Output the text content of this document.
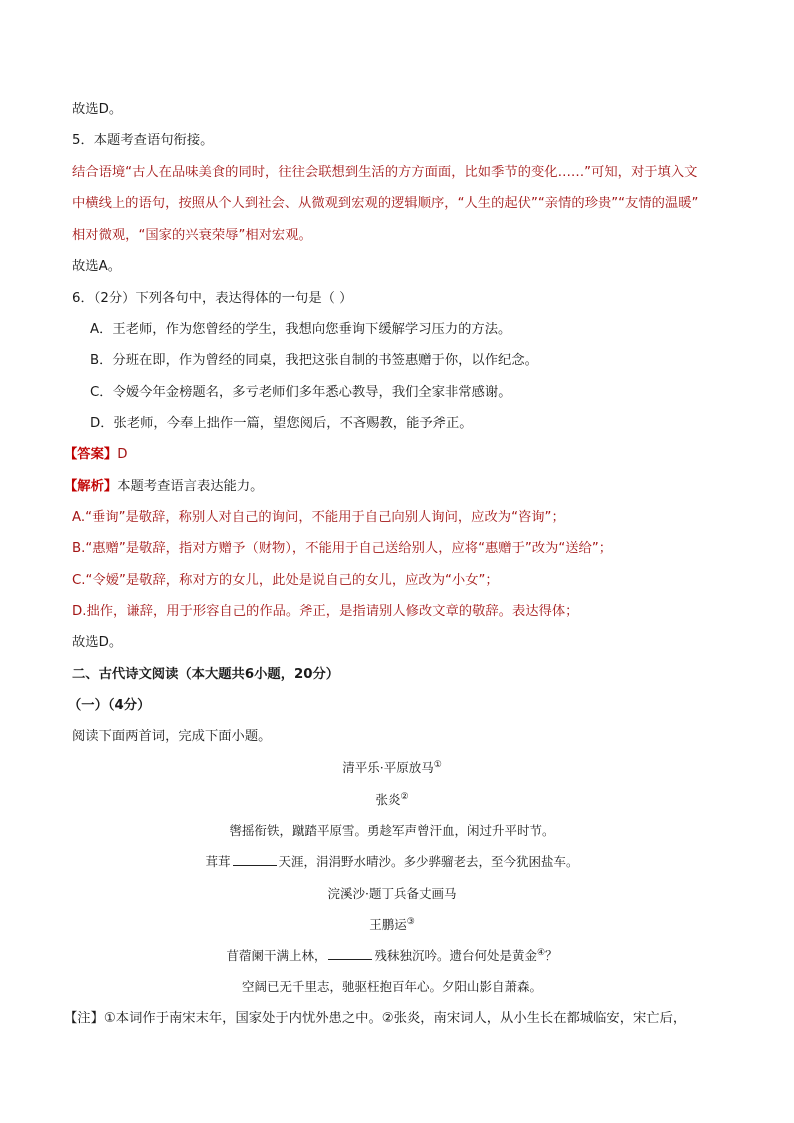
故选D。
5．本题考查语句衔接。
结合语境“古人在品味美食的同时，往往会联想到生活的方方面面，比如季节的变化……”可知，对于填入文
中横线上的语句，按照从个人到社会、从微观到宏观的逻辑顺序，“人生的起伏”“亲情的珍贵”“友情的温暖”
相对微观，“国家的兴衰荣辱”相对宏观。
故选A。
6．（2分）下列各句中，表达得体的一句是（ ）
A．王老师，作为您曾经的学生，我想向您垂询下缓解学习压力的方法。
B．分班在即，作为曾经的同桌，我把这张自制的书签惠赠于你，以作纪念。
C．令嫒今年金榜题名，多亏老师们多年悉心教导，我们全家非常感谢。
D．张老师，今奉上拙作一篇，望您阅后，不吝赐教，能予斧正。
【答案】D
【解析】本题考查语言表达能力。
A.“垂询”是敬辞，称别人对自己的询问，不能用于自己向别人询问，应改为“咨询”；
B.“惠赠”是敬辞，指对方赠予（财物），不能用于自己送给别人，应将“惠赠于”改为“送给”；
C.“令嫒”是敬辞，称对方的女儿，此处是说自己的女儿，应改为“小女”；
D.拙作，谦辞，用于形容自己的作品。斧正，是指请别人修改文章的敬辞。表达得体；
故选D。
二、古代诗文阅读（本大题共6小题，20分）
（一）（4分）
阅读下面两首词，完成下面小题。
清平乐·平原放马①
张炎②
辔摇衔铁，蹴踏平原雪。勇趁军声曾汗血，闲过升平时节。
茸茸	天涯，涓涓野水晴沙。多少骅骝老去，至今犹困盐车。
浣溪沙·题丁兵备丈画马
王鹏运③
苜蓿阑干满上林，	残秣独沉吟。遗台何处是黄金④？
空阔已无千里志，驰驱枉抱百年心。夕阳山影自萧森。
【注】①本词作于南宋末年，国家处于内忧外患之中。②张炎，南宋词人，从小生长在都城临安，宋亡后，
